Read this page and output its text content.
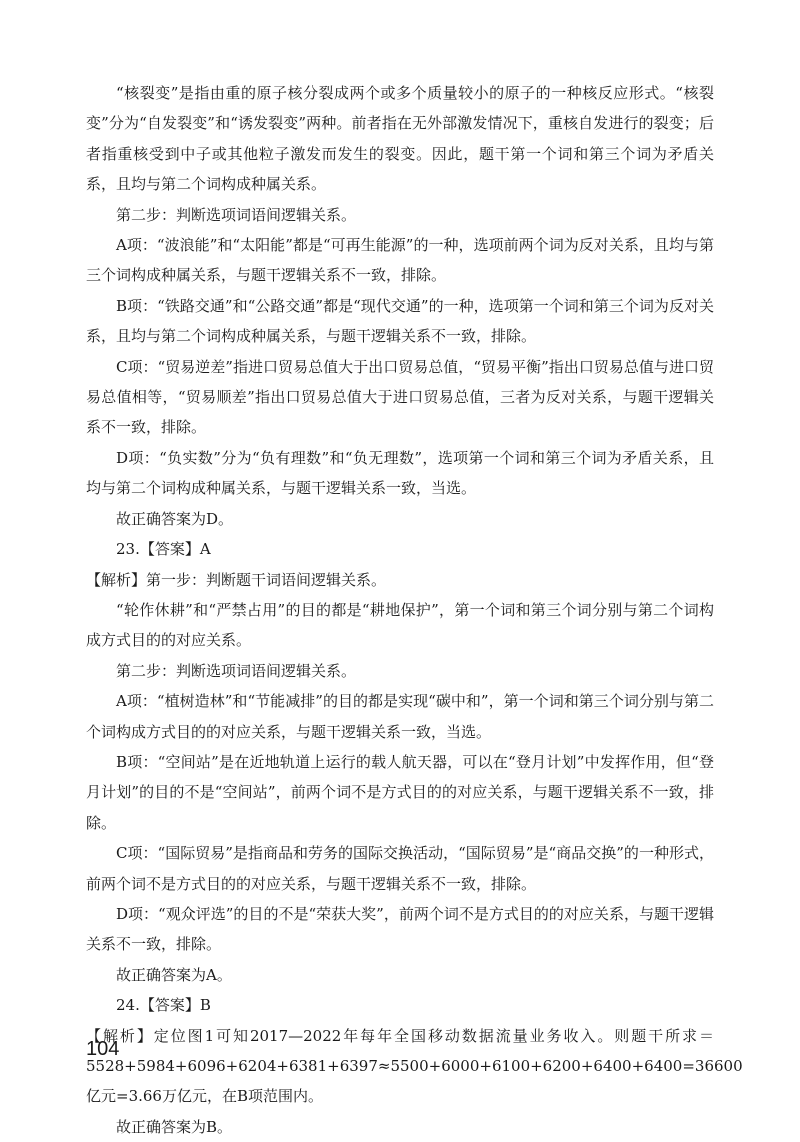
“核裂变”是指由重的原子核分裂成两个或多个质量较小的原子的一种核反应形式。“核裂变”分为“自发裂变”和“诱发裂变”两种。前者指在无外部激发情况下，重核自发进行的裂变；后者指重核受到中子或其他粒子激发而发生的裂变。因此，题干第一个词和第三个词为矛盾关系，且均与第二个词构成种属关系。

第二步：判断选项词语间逻辑关系。

A项：“波浪能”和“太阳能”都是“可再生能源”的一种，选项前两个词为反对关系，且均与第三个词构成种属关系，与题干逻辑关系不一致，排除。

B项：“铁路交通”和“公路交通”都是“现代交通”的一种，选项第一个词和第三个词为反对关系，且均与第二个词构成种属关系，与题干逻辑关系不一致，排除。

C项：“贸易逆差”指进口贸易总值大于出口贸易总值，“贸易平衡”指出口贸易总值与进口贸易总值相等，“贸易顺差”指出口贸易总值大于进口贸易总值，三者为反对关系，与题干逻辑关系不一致，排除。

D项：“负实数”分为“负有理数”和“负无理数”，选项第一个词和第三个词为矛盾关系，且均与第二个词构成种属关系，与题干逻辑关系一致，当选。

故正确答案为D。

23.【答案】A

【解析】第一步：判断题干词语间逻辑关系。

“轮作休耕”和“严禁占用”的目的都是“耕地保护”，第一个词和第三个词分别与第二个词构成方式目的的对应关系。

第二步：判断选项词语间逻辑关系。

A项：“植树造林”和“节能减排”的目的都是实现“碳中和”，第一个词和第三个词分别与第二个词构成方式目的的对应关系，与题干逻辑关系一致，当选。

B项：“空间站”是在近地轨道上运行的载人航天器，可以在“登月计划”中发挥作用，但“登月计划”的目的不是“空间站”，前两个词不是方式目的的对应关系，与题干逻辑关系不一致，排除。

C项：“国际贸易”是指商品和劳务的国际交换活动，“国际贸易”是“商品交换”的一种形式，前两个词不是方式目的的对应关系，与题干逻辑关系不一致，排除。

D项：“观众评选”的目的不是“荣获大奖”，前两个词不是方式目的的对应关系，与题干逻辑关系不一致，排除。

故正确答案为A。

24.【答案】B

【解析】定位图1可知2017—2022年每年全国移动数据流量业务收入。则题干所求＝5528+5984+6096+6204+6381+6397≈5500+6000+6100+6200+6400+6400=36600亿元=3.66万亿元，在B项范围内。

故正确答案为B。

104
